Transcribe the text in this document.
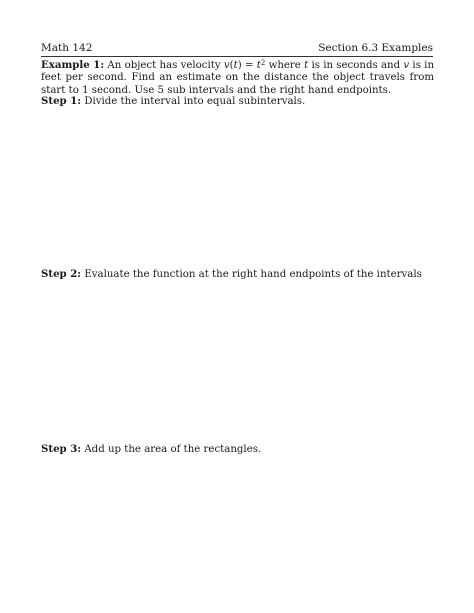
Math 142	Section 6.3 Examples
Example 1: An object has velocity $v(t) = t^2$ where t is in seconds and v is in feet per second. Find an estimate on the distance the object travels from start to 1 second. Use 5 sub intervals and the right hand endpoints.
Step 1: Divide the interval into equal subintervals.
Step 2: Evaluate the function at the right hand endpoints of the intervals
Step 3: Add up the area of the rectangles.
